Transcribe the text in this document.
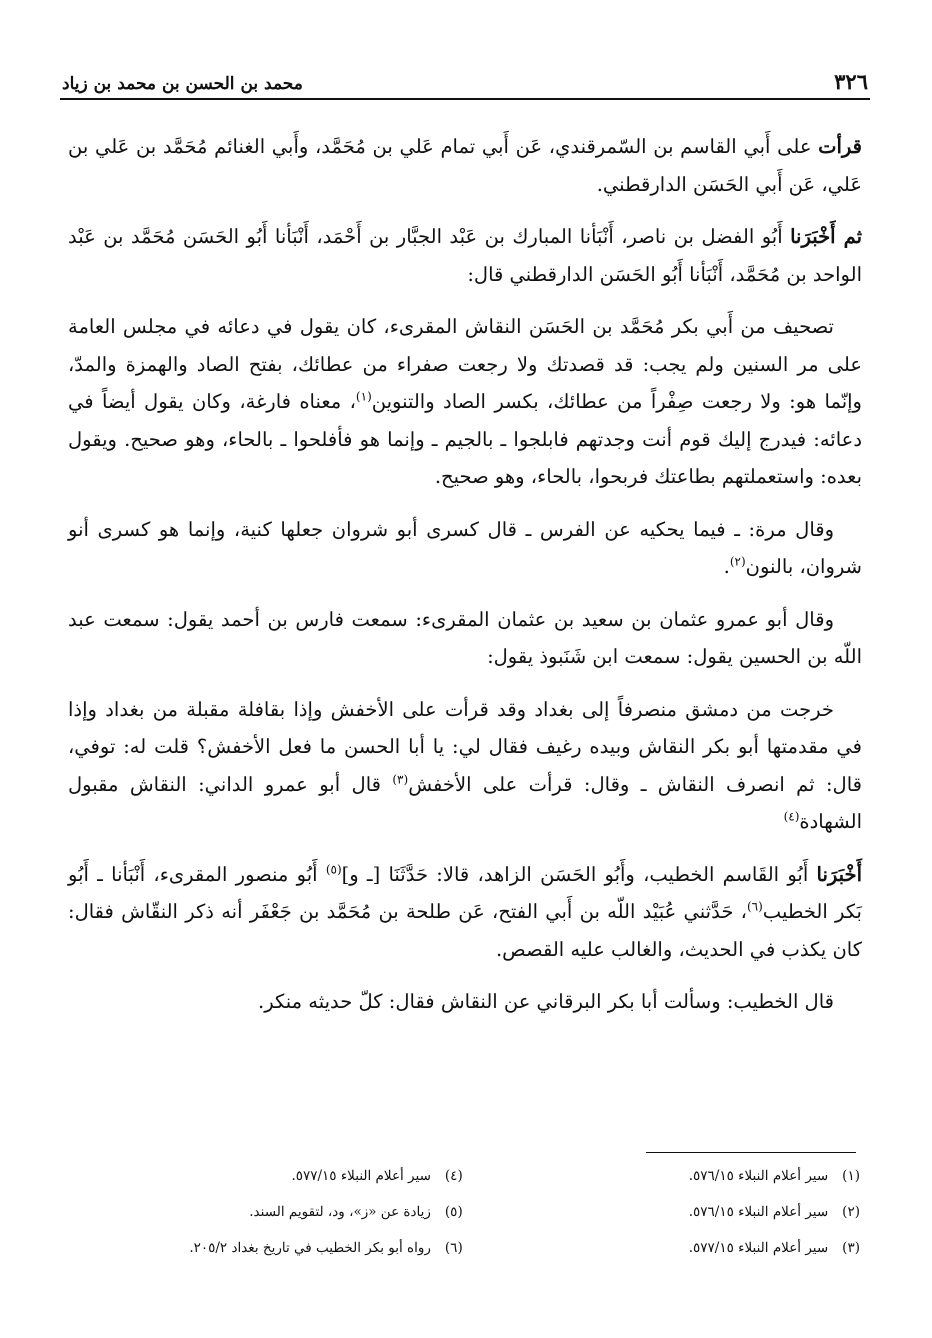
٣٢٦
محمد بن الحسن بن محمد بن زياد

قرأت على أَبي القاسم بن السّمرقندي، عَن أَبي تمام عَلي بن مُحَمَّد، وأَبي الغنائم مُحَمَّد بن عَلي بن عَلي، عَن أَبي الحَسَن الدارقطني.

ثم أَخْبَرَنا أَبُو الفضل بن ناصر، أَنْبَأنا المبارك بن عَبْد الجبَّار بن أَحْمَد، أَنْبَأنا أَبُو الحَسَن مُحَمَّد بن عَبْد الواحد بن مُحَمَّد، أَنْبَأنا أَبُو الحَسَن الدارقطني قال:

تصحيف من أَبي بكر مُحَمَّد بن الحَسَن النقاش المقرىء، كان يقول في دعائه في مجلس العامة على مر السنين ولم يجب: قد قصدتك ولا رجعت صفراء من عطائك، بفتح الصاد والهمزة والمدّ، وإنّما هو: ولا رجعت صِفْراً من عطائك، بكسر الصاد والتنوين$^{(١)}$، معناه فارغة، وكان يقول أيضاً في دعائه: فيدرج إليك قوم أنت وجدتهم فابلجوا ـ بالجيم ـ وإنما هو فأفلحوا ـ بالحاء، وهو صحيح. ويقول بعده: واستعملتهم بطاعتك فربحوا، بالحاء، وهو صحيح.

وقال مرة: ـ فيما يحكيه عن الفرس ـ قال كسرى أبو شروان جعلها كنية، وإنما هو كسرى أنو شروان، بالنون$^{(٢)}$.

وقال أبو عمرو عثمان بن سعيد بن عثمان المقرىء: سمعت فارس بن أحمد يقول: سمعت عبد اللّه بن الحسين يقول: سمعت ابن شَنَبوذ يقول:

خرجت من دمشق منصرفاً إلى بغداد وقد قرأت على الأخفش وإذا بقافلة مقبلة من بغداد وإذا في مقدمتها أبو بكر النقاش وبيده رغيف فقال لي: يا أبا الحسن ما فعل الأخفش؟ قلت له: توفي، قال: ثم انصرف النقاش ـ وقال: قرأت على الأخفش$^{(٣)}$ قال أبو عمرو الداني: النقاش مقبول الشهادة$^{(٤)}$

أَخْبَرَنا أَبُو القَاسم الخطيب، وأَبُو الحَسَن الزاهد، قالا: حَدَّثَنَا [ـ و]$^{(٥)}$ أَبُو منصور المقرىء، أَنْبَأنا ـ أَبُو بَكر الخطيب$^{(٦)}$، حَدَّثني عُبَيْد اللّه بن أَبي الفتح، عَن طلحة بن مُحَمَّد بن جَعْفَر أنه ذكر النقّاش فقال: كان يكذب في الحديث، والغالب عليه القصص.

قال الخطيب: وسألت أبا بكر البرقاني عن النقاش فقال: كلّ حديثه منكر.

(١)سير أعلام النبلاء ٥٧٦/١٥.
(٢)سير أعلام النبلاء ٥٧٦/١٥.
(٣)سير أعلام النبلاء ٥٧٧/١٥.
(٤)سير أعلام النبلاء ٥٧٧/١٥.
(٥)زيادة عن «ز»، ود، لتقويم السند.
(٦)رواه أبو بكر الخطيب في تاريخ بغداد ٢٠٥/٢.
